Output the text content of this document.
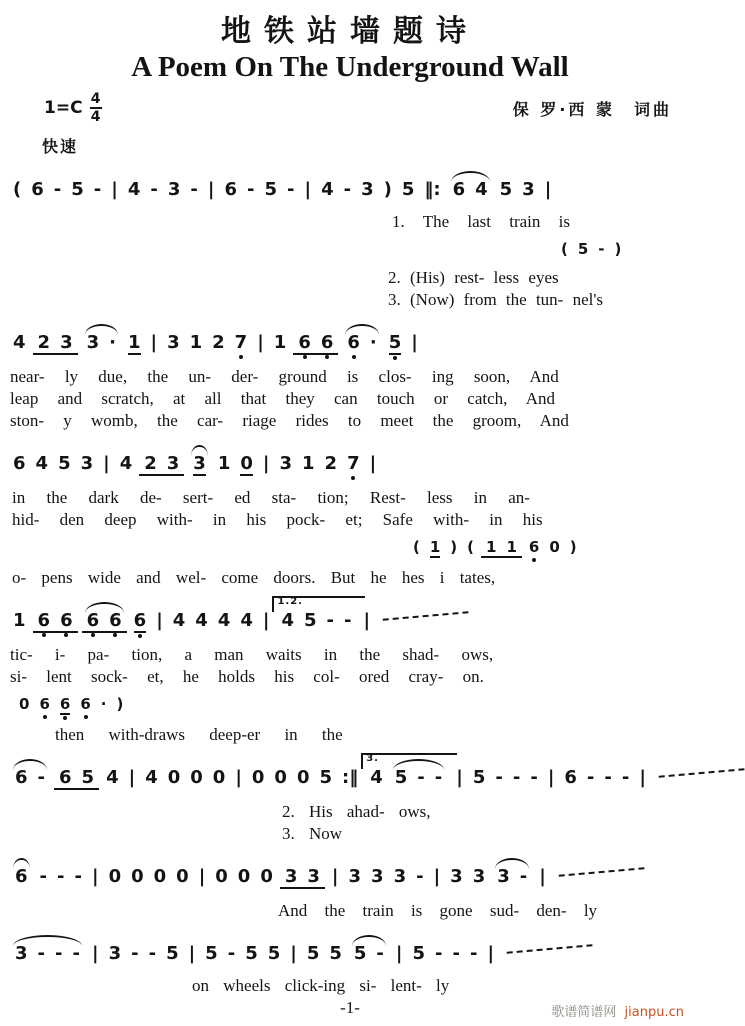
地铁站墙题诗
A Poem On The Underground Wall
$1=C \frac{4}{4}$	保 罗·西 蒙　词曲
快速
( 6 - 5 - | 4 - 3 - | 6 - 5 - | 4 - 3 ) 5 ‖: 6 4 5 3 |
1. The last train is
( 5 - )
2. (His) rest- less eyes
3. (Now) from the tun- nel's
4 2 3 3 · 1 | 3 1 2 7 | 1 6 6 6 · 5 |
near- ly due, the un- der- ground is clos- ing soon, And
leap and scratch, at all that they can touch or catch, And
ston- y womb, the car- riage rides to meet the groom, And
6 4 5 3 | 4 2 3 3 1 0 | 3 1 2 7 |
in the dark de- sert- ed sta- tion; Rest- less in an-
hid- den deep with- in his pock- et; Safe with- in his
( 1 ) ( 1 1 6 0 )
o- pens wide and wel- come doors. But he hes i tates,
1 6 6 6 6 6 | 4 4 4 4 |
1.2.
4 5 - - |
tic- i- pa- tion, a man waits in the shad- ows,
si- lent sock- et, he holds his col- ored cray- on.
0 6 6 6 · )
then with-draws deep-er in the
6 - 6 5 4 | 4 0 0 0 | 0 0 0 5 :‖
3.
4 5 - - | 5 - - - | 6 - - - |
2. His ahad- ows,
3. Now
6 - - - | 0 0 0 0 | 0 0 0 3 3 | 3 3 3 - | 3 3 3 - |
And the train is gone sud- den- ly
3 - - - | 3 - - 5 | 5 - 5 5 | 5 5 5 - | 5 - - - |
on wheels click-ing si- lent- ly
-1-	歌谱简谱网 jianpu.cn
